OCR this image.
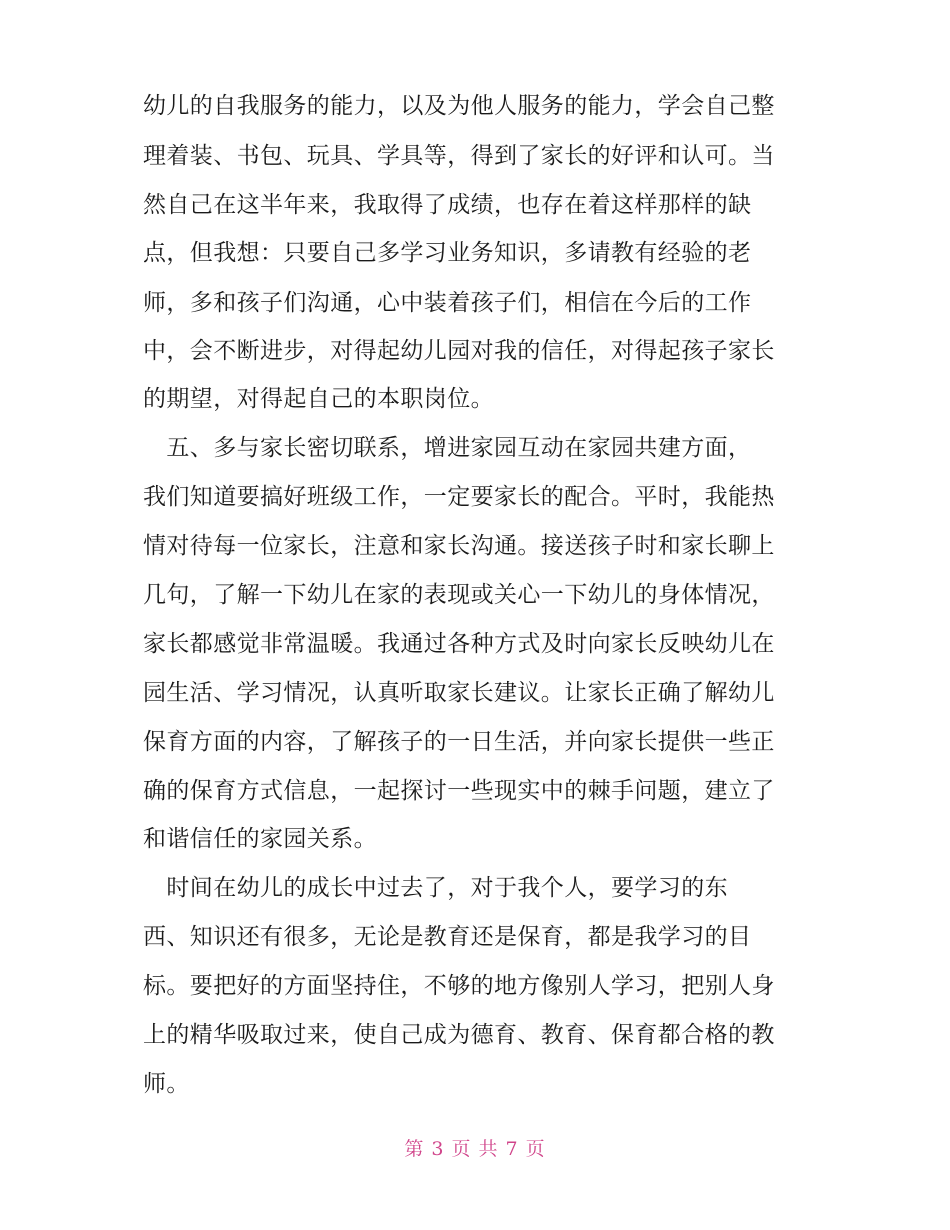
幼儿的自我服务的能力，以及为他人服务的能力，学会自己整
理着装、书包、玩具、学具等，得到了家长的好评和认可。当
然自己在这半年来，我取得了成绩，也存在着这样那样的缺
点，但我想：只要自己多学习业务知识，多请教有经验的老
师，多和孩子们沟通，心中装着孩子们，相信在今后的工作
中，会不断进步，对得起幼儿园对我的信任，对得起孩子家长
的期望，对得起自己的本职岗位。
　五、多与家长密切联系，增进家园互动在家园共建方面，
我们知道要搞好班级工作，一定要家长的配合。平时，我能热
情对待每一位家长，注意和家长沟通。接送孩子时和家长聊上
几句，了解一下幼儿在家的表现或关心一下幼儿的身体情况，
家长都感觉非常温暖。我通过各种方式及时向家长反映幼儿在
园生活、学习情况，认真听取家长建议。让家长正确了解幼儿
保育方面的内容，了解孩子的一日生活，并向家长提供一些正
确的保育方式信息，一起探讨一些现实中的棘手问题，建立了
和谐信任的家园关系。
　时间在幼儿的成长中过去了，对于我个人，要学习的东
西、知识还有很多，无论是教育还是保育，都是我学习的目
标。要把好的方面坚持住，不够的地方像别人学习，把别人身
上的精华吸取过来，使自己成为德育、教育、保育都合格的教
师。
第 3 页 共 7 页
